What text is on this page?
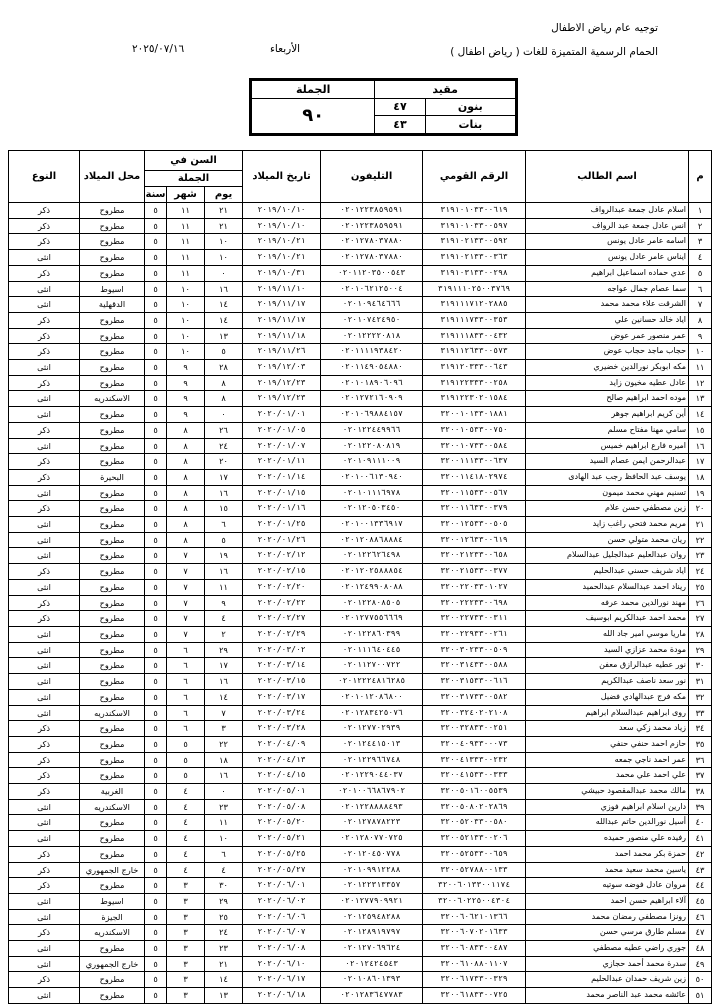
توجيه عام رياض الاطفال
الحمام الرسمية المتميزة للغات ( رياض اطفال )
الأربعاء
٢٠٢٥/٠٧/١٦
مقيد		الجملة
بنون	٤٧	٩٠
بنات	٤٣	
م	اسم الطالب	الرقم القومي	التليفون	تاريخ الميلاد	السن في			محل الميلاد	النوع
					الجملة				
					يوم	شهر	سنة		
١	اسلام عادل جمعة عبدالرواف	٣١٩١٠١٠٣٣٠٠٦١٩	٠٢٠١٢٢٣٨٥٩٥٩١	٢٠١٩/١٠/١٠	٢١	١١	٥	مطروح	ذكر
٢	انس عادل جمعة عبد الرواف	٣١٩١٠١٠٣٣٠٠٥٩٧	٠٢٠١٢٢٣٨٥٩٥٩١	٢٠١٩/١٠/١٠	٢١	١١	٥	مطروح	ذكر
٣	اسامه عامر عادل يونس	٣١٩١٠٢١٣٣٠٠٥٩٢	٠٢٠١٢٧٨٠٣٧٨٨٠	٢٠١٩/١٠/٢١	١٠	١١	٥	مطروح	ذكر
٤	ايناس عامر عادل يونس	٣١٩١٠٢١٣٣٠٠٣٦٣	٠٢٠١٢٧٨٠٣٧٨٨٠	٢٠١٩/١٠/٢١	١٠	١١	٥	مطروح	انثى
٥	عدي حماده اسماعيل ابراهيم	٣١٩١٠٣١٣٣٠٠٢٩٨	٠٢٠١١٢٠٣٥٠٠٥٤٣	٢٠١٩/١٠/٣١	٠	١١	٥	مطروح	ذكر
٦	سما عصام جمال عواجه	٣١٩١١١٠٢٥٠٠٣٧٦٩	٠٢٠١٠٦٢١٢٥٠٠٤	٢٠١٩/١١/١٠	١٦	١٠	٥	اسيوط	انثى
٧	الشرقت علاء محمد محمد	٣١٩١١١٧١٢٠٢٨٨٥	٠٢٠١٠٩٤٦٤٦٦٦	٢٠١٩/١١/١٧	١٤	١٠	٥	الدقهلية	انثى
٨	اياد خالد حسانين علي	٣١٩١١١٧٣٣٠٠٣٥٣	٠٢٠١٠٧٤٢٤٩٥٠	٢٠١٩/١١/١٧	١٤	١٠	٥	مطروح	ذكر
٩	عمر منصور عمر عوض	٣١٩١١١٨٣٣٠٠٤٣٢	٠٢٠١٢٢٢٢٠٨١٨	٢٠١٩/١١/١٨	١٣	١٠	٥	مطروح	ذكر
١٠	حجاب ماجد حجاب عوض	٣١٩١١٢٦٣٣٠٠٥٧٣	٠٢٠١١١١٩٣٨٤٢٠	٢٠١٩/١١/٢٦	٥	١٠	٥	مطروح	ذكر
١١	مكه ابوبكر نورالدين خضيري	٣١٩١٢٠٣٣٣٠٠٦٤٣	٠٢٠١١٤٩٠٥٤٨٨٠	٢٠١٩/١٢/٠٣	٢٨	٩	٥	مطروح	انثى
١٢	عادل عطيه مخيون زايد	٣١٩١٢٢٣٣٣٠٠٢٥٨	٠٢٠١٠١٨٩٠٦٠٩٦	٢٠١٩/١٢/٢٣	٨	٩	٥	مطروح	ذكر
١٣	موده احمد ابراهيم صالح	٣١٩١٢٢٣٠٢٠١٥٨٤	٠٢٠١٢٧٢١٦٠٩٠٩	٢٠١٩/١٢/٢٣	٨	٩	٥	الاسكندريه	انثى
١٤	أين كريم ابراهيم جوهر	٣٢٠٠١٠١٣٣٠١٨٨١	٠٢٠١٠٦٩٨٨٤١٥٧	٢٠٢٠/٠١/٠١	٠	٩	٥	مطروح	انثى
١٥	سامي مهنا مفتاح مسلم	٣٢٠٠١٠٥٣٣٠٠٧٥٠	٠٢٠١٢٢٤٤٩٩٦٦	٢٠٢٠/٠١/٠٥	٢٦	٨	٥	مطروح	ذكر
١٦	اميره فارع ابراهيم خميس	٣٢٠٠١٠٧٣٣٠٠٥٨٤	٠٢٠١٢٢٠٨٠٨١٩	٢٠٢٠/٠١/٠٧	٢٤	٨	٥	مطروح	انثى
١٧	عبدالرحمن ايمن عصام السيد	٣٢٠٠١١١٣٣٠٠٦٣٧	٠٢٠١٠٩١١١٠٠٩	٢٠٢٠/٠١/١١	٢٠	٨	٥	مطروح	ذكر
١٨	يوسف عبد الحافظ رجب عبد الهادى	٣٢٠٠١١٤١٨٠٢٩٧٤	٠٢٠١٠٠٦١٣٠٩٤٠	٢٠٢٠/٠١/١٤	١٧	٨	٥	البحيرة	ذكر
١٩	تسنيم مهني محمد ميمون	٣٢٠٠١١٥٣٣٠٠٥٦٧	٠٢٠١٠١١١٦٩٧٨	٢٠٢٠/٠١/١٥	١٦	٨	٥	مطروح	انثى
٢٠	زين مصطفي حسن علام	٣٢٠٠١١٦٣٣٠٠٣٧٩	٠٢٠١٢٠٥٠٣٤٥٠	٢٠٢٠/٠١/١٦	١٥	٨	٥	مطروح	ذكر
٢١	مريم محمد فتحي راغب زايد	٣٢٠٠١٢٥٣٣٠٠٥٠٥	٠٢٠١٠٠١٣٣٦٩١٧	٢٠٢٠/٠١/٢٥	٦	٨	٥	مطروح	انثى
٢٢	ريان محمد متولي حسن	٣٢٠٠١٢٦٣٣٠٠٦١٩	٠٢٠١٢٠٨٨٦٨٨٨٤	٢٠٢٠/٠١/٢٦	٥	٨	٥	مطروح	انثى
٢٣	روان عبدالعليم عبدالجليل عبدالسلام	٣٢٠٠٢١٢٣٣٠٠٦٥٨	٠٢٠١٢٢٦٢٦٤٩٨	٢٠٢٠/٠٢/١٢	١٩	٧	٥	مطروح	انثى
٢٤	اياد شريف حسني عبدالحليم	٣٢٠٠٢١٥٣٣٠٠٣٧٧	٠٢٠١٢٠٢٥٨٨٨٥٤	٢٠٢٠/٠٢/١٥	١٦	٧	٥	مطروح	ذكر
٢٥	ريناد احمد عبدالسلام عبدالحميد	٣٢٠٠٢٢٠٣٣٠١٠٢٧	٠٢٠١٢٤٩٩٠٨٠٨٨	٢٠٢٠/٠٢/٢٠	١١	٧	٥	مطروح	انثى
٢٦	مهند نورالدين محمد عرفه	٣٢٠٠٢٢٢٣٣٠٠٦٩٨	٠٢٠١٢٢٨٠٨٥٠٥	٢٠٢٠/٠٢/٢٢	٩	٧	٥	مطروح	ذكر
٢٧	محمد احمد عبدالكريم ابوسيف	٣٢٠٠٢٢٧٣٣٠٠٣١١	٠٢٠١٢٧٧٥٥٦٦٦٩	٢٠٢٠/٠٢/٢٧	٤	٧	٥	مطروح	ذكر
٢٨	ماريا موسي امير جاد الله	٣٢٠٠٢٢٩٣٣٠٠٢٦١	٠٢٠١٢٢٨٦٠٣٩٩	٢٠٢٠/٠٢/٢٩	٢	٧	٥	مطروح	انثى
٢٩	مودة محمد عزازي السيد	٣٢٠٠٣٠٢٣٣٠٠٥٠٩	٠٢٠١١١٦٤٠٤٤٥	٢٠٢٠/٠٣/٠٢	٢٩	٦	٥	مطروح	انثى
٣٠	نور عطيه عبدالرازق معفن	٣٢٠٠٣١٤٣٣٠٠٥٨٨	٠٢٠١١٢٧٠٠٧٢٢	٢٠٢٠/٠٣/١٤	١٧	٦	٥	مطروح	انثى
٣١	نور سعد ناصف عبدالكريم	٣٢٠٠٣١٥٣٣٠٠٦١٦	٠٢٠١٢٢٢٤٨١٦٢٨٥	٢٠٢٠/٠٣/١٥	١٦	٦	٥	مطروح	انثى
٣٢	مكه فرج عبدالهادي فضيل	٣٢٠٠٣١٧٣٣٠٠٥٨٢	٠٢٠١٠١٢٠٨٦٨٠٠	٢٠٢٠/٠٣/١٧	١٤	٦	٥	مطروح	انثى
٣٣	روى ابراهيم عبدالسلام ابراهيم	٣٢٠٠٣٢٤٠٢٠٢١٠٨	٠٢٠١٢٨٣٤٢٥٠٧٦	٢٠٢٠/٠٣/٢٤	٧	٦	٥	الاسكندريه	انثى
٣٤	زياد محمد زكي سعد	٣٢٠٠٣٢٨٣٣٠٠٢٥١	٠٢٠١٢٧٧٠٢٩٣٩	٢٠٢٠/٠٣/٢٨	٣	٦	٥	مطروح	ذكر
٣٥	حازم احمد حنفي حنفي	٣٢٠٠٤٠٩٣٣٠٠٠٧٣	٠٢٠١٢٤٤١٥٠١٣	٢٠٢٠/٠٤/٠٩	٢٢	٥	٥	مطروح	ذكر
٣٦	عمر احمد ناجي جمعه	٣٢٠٠٤١٣٣٣٠٠٢٣٢	٠٢٠١٢٢٩٦٦٧٤٨	٢٠٢٠/٠٤/١٣	١٨	٥	٥	مطروح	ذكر
٣٧	علي احمد علي محمد	٣٢٠٠٤١٥٣٣٠٠٣٣٣	٠٢٠١٢٢٩٠٤٤٠٣٧	٢٠٢٠/٠٤/١٥	١٦	٥	٥	مطروح	ذكر
٣٨	مالك محمد عبدالمقصود حبيشي	٣٢٠٠٥٠١٦٠٠٥٥٣٩	٠٢٠١٠٠٦٦٨٦٧٩٠٢	٢٠٢٠/٠٥/٠١	٠	٤	٥	الغربية	ذكر
٣٩	دارين اسلام ابراهيم فوزي	٣٢٠٠٥٠٨٠٢٠٢٨٦٩	٠٢٠١٢٢٨٨٨٨٤٩٣	٢٠٢٠/٠٥/٠٨	٢٣	٤	٥	الاسكندريه	انثى
٤٠	أسيل نورالدين حاتم عبدالله	٣٢٠٠٥٢٠٣٣٠٠٥٨٠	٠٢٠١٢٧٨٧٨٢٢٣	٢٠٢٠/٠٥/٢٠	١١	٤	٥	مطروح	انثى
٤١	رفيده علي منصور حميده	٣٢٠٠٥٢١٣٣٠٠٢٠٦	٠٢٠١٢٨٠٧٧٠٧٢٥	٢٠٢٠/٠٥/٢١	١٠	٤	٥	مطروح	انثى
٤٢	حمزة بكر محمد احمد	٣٢٠٠٥٢٥٣٣٠٠٦٥٩	٠٢٠١٢٠٤٥٠٧٧٨	٢٠٢٠/٠٥/٢٥	٦	٤	٥	مطروح	ذكر
٤٣	ياسين محمد سعيد محمد	٣٢٠٠٥٢٧٨٨٠٠١٣٣	٠٢٠١٠٩٩١٢٢٨٨	٢٠٢٠/٠٥/٢٧	٤	٤	٥	خارج الجمهوري	ذكر
٤٤	مروان عادل فوضه سوتيه	٣٢٠٠٦٠١٣٣٠٠١١٧٤	٠٢٠١٢٢٣١٣٣٥٧	٢٠٢٠/٠٦/٠١	٣٠	٣	٥	مطروح	ذكر
٤٥	آلاء ابراهيم حسن احمد	٣٢٠٠٦٠٢٢٥٠٠٤٣٠٤	٠٢٠١٢٧٧٩٠٩٩٢١	٢٠٢٠/٠٦/٠٢	٢٩	٣	٥	اسيوط	انثى
٤٦	رونزا مصطفي رمضان محمد	٣٢٠٠٦٠٦٢١٠١٣٦٦	٠٢٠١٢٥٩٤٨٢٨٨	٢٠٢٠/٠٦/٠٦	٢٥	٣	٥	الجيزة	انثى
٤٧	مسلم طارق مرسي حسن	٣٢٠٠٦٠٧٠٢٠١٦٣٣	٠٢٠١٢٨٩١٩٧٩٧	٢٠٢٠/٠٦/٠٧	٢٤	٣	٥	الاسكندريه	ذكر
٤٨	جوري راضي عطيه مصطفي	٣٢٠٠٦٠٨٣٣٠٠٤٨٧	٠٢٠١٢٧٠٦٩٦٢٤	٢٠٢٠/٠٦/٠٨	٢٣	٣	٥	مطروح	انثى
٤٩	سدرة محمد أحمد حجازي	٣٢٠٠٦١٠٨٨٠١١٠٧	٠٢٠١٢٤٢٤٥٤٣	٢٠٢٠/٠٦/١٠	٢١	٣	٥	خارج الجمهوري	انثى
٥٠	زين شريف حمدان عبدالحليم	٣٢٠٠٦١٧٣٣٠٠٣٢٩	٠٢٠١٠٨٦٠١٣٩٣	٢٠٢٠/٠٦/١٧	١٤	٣	٥	مطروح	ذكر
٥١	عائشه محمد عبد الناصر محمد	٣٢٠٠٦١٨٣٣٠٠٧٢٥	٠٢٠١٢٨٣٦٤٧٧٨٣	٢٠٢٠/٠٦/١٨	١٣	٣	٥	مطروح	انثى
